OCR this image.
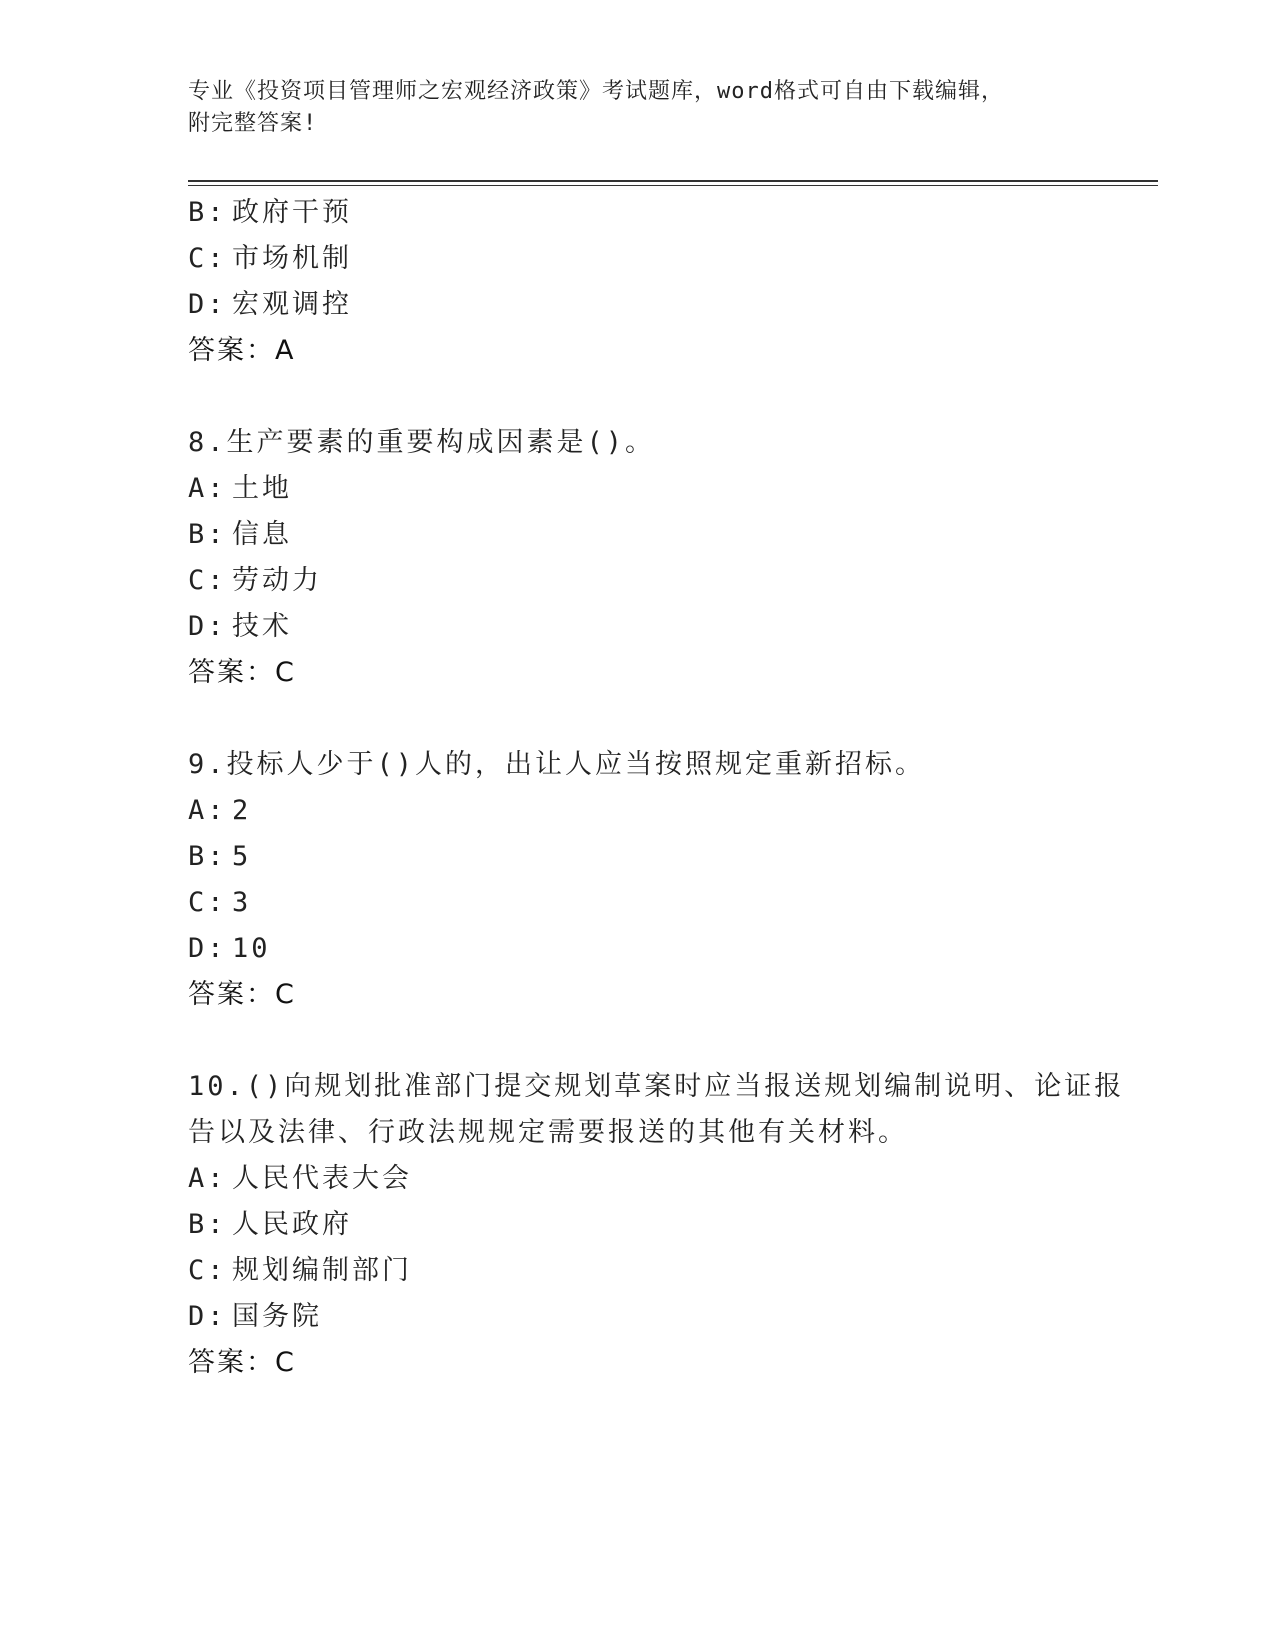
专业《投资项目管理师之宏观经济政策》考试题库，word格式可自由下载编辑，
附完整答案!
B: 政府干预
C: 市场机制
D: 宏观调控
答案：A
8.生产要素的重要构成因素是()。
A: 土地
B: 信息
C: 劳动力
D: 技术
答案：C
9.投标人少于()人的，出让人应当按照规定重新招标。
A: 2
B: 5
C: 3
D: 10
答案：C
10.()向规划批准部门提交规划草案时应当报送规划编制说明、论证报
告以及法律、行政法规规定需要报送的其他有关材料。
A: 人民代表大会
B: 人民政府
C: 规划编制部门
D: 国务院
答案：C
